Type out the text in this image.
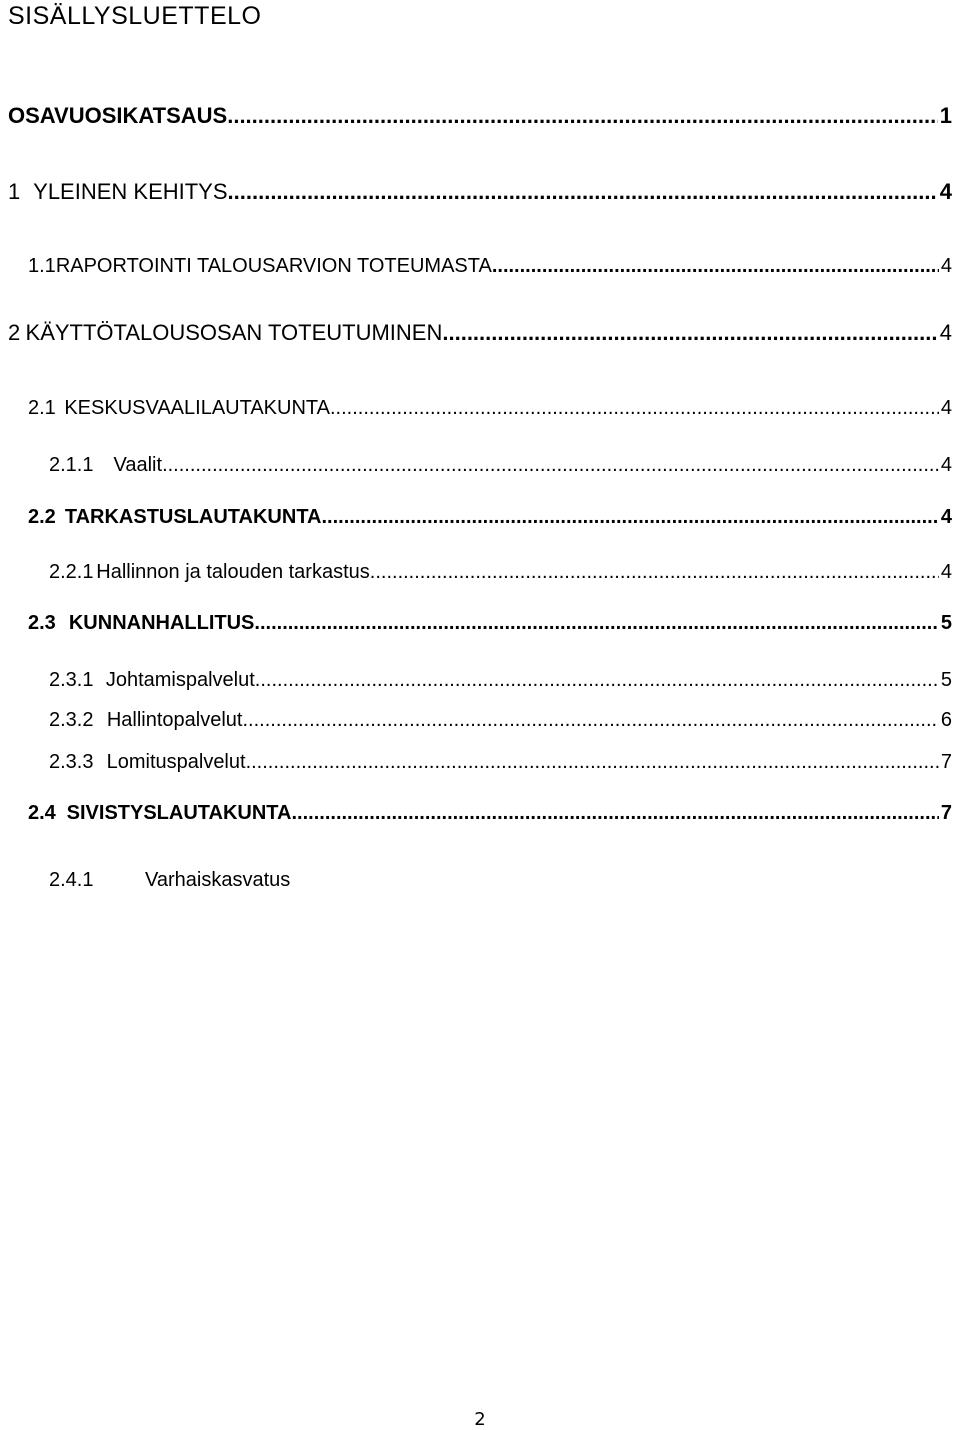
SISÄLLYSLUETTELO
OSAVUOSIKATSAUS .....	1
1 YLEINEN KEHITYS .....	4
1.1 RAPORTOINTI TALOUSARVION TOTEUMASTA .....	4
2 KÄYTTÖTALOUSOSAN TOTEUTUMINEN .....	4
2.1 KESKUSVAALILAUTAKUNTA .....	4
2.1.1	Vaalit .....	4
2.2 TARKASTUSLAUTAKUNTA .....	4
2.2.1 Hallinnon ja talouden tarkastus .....	4
2.3 KUNNANHALLITUS .....	5
2.3.1 Johtamispalvelut .....	5
2.3.2 Hallintopalvelut .....	6
2.3.3 Lomituspalvelut .....	7
2.4 SIVISTYSLAUTAKUNTA .....	7
2.4.1	Varhaiskasvatus
2
